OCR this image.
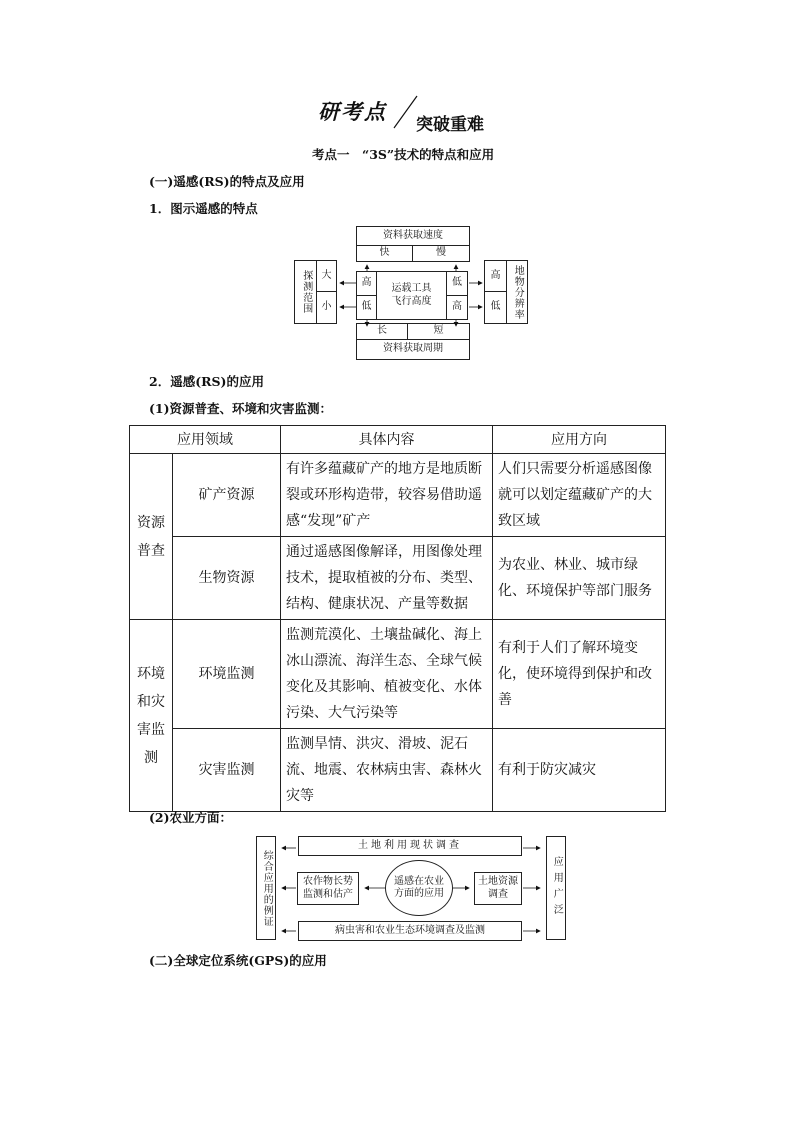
研考点
突破重难
考点一　“3S”技术的特点和应用
(一)遥感(RS)的特点及应用
1．图示遥感的特点
资料获取速度
快	慢
高
低
运载工具
飞行高度
低
高
探测范围 大
小
高
低	地物分辨率
长	短
资料获取周期
2．遥感(RS)的应用
(1)资源普查、环境和灾害监测：
应用领域		具体内容	应用方向
资源普查	矿产资源	有许多蕴藏矿产的地方是地质断裂或环形构造带，较容易借助遥感“发现”矿产	人们只需要分析遥感图像就可以划定蕴藏矿产的大致区域
	生物资源	通过遥感图像解译，用图像处理技术，提取植被的分布、类型、结构、健康状况、产量等数据	为农业、林业、城市绿化、环境保护等部门服务
环境和灾害监测	环境监测	监测荒漠化、土壤盐碱化、海上冰山漂流、海洋生态、全球气候变化及其影响、植被变化、水体污染、大气污染等	有利于人们了解环境变化，使环境得到保护和改善
	灾害监测	监测旱情、洪灾、滑坡、泥石流、地震、农林病虫害、森林火灾等	有利于防灾减灾
(2)农业方面：
综合应用的例证
土地利用现状调查
农作物长势
监测和估产
遥感在农业
方面的应用
土地资源
调查
病虫害和农业生态环境调查及监测
应用广泛
(二)全球定位系统(GPS)的应用
